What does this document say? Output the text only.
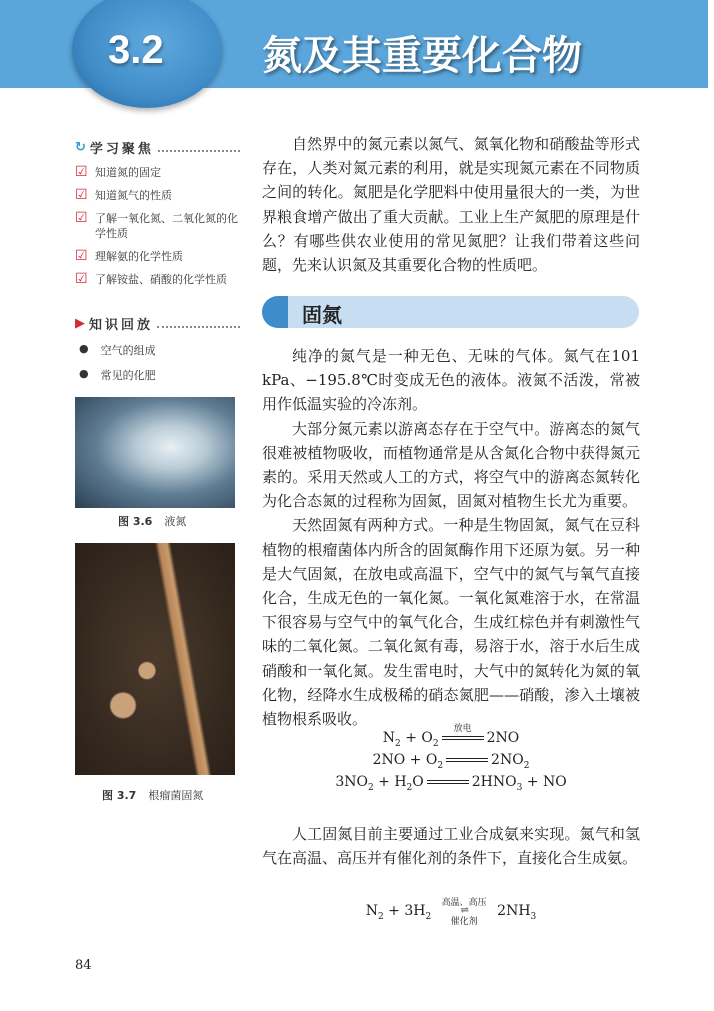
3.2 氮及其重要化合物
↻ 学习聚焦
☑ 知道氮的固定
☑ 知道氮气的性质
☑ 了解一氧化氮、二氧化氮的化学性质
☑ 理解氨的化学性质
☑ 了解铵盐、硝酸的化学性质
▶ 知识回放
● 空气的组成
● 常见的化肥
图 3.6 液氮
图 3.7 根瘤菌固氮

自然界中的氮元素以氮气、氮氧化物和硝酸盐等形式存在，人类对氮元素的利用，就是实现氮元素在不同物质之间的转化。氮肥是化学肥料中使用量很大的一类，为世界粮食增产做出了重大贡献。工业上生产氮肥的原理是什么？有哪些供农业使用的常见氮肥？让我们带着这些问题，先来认识氮及其重要化合物的性质吧。

固氮

纯净的氮气是一种无色、无味的气体。氮气在101 kPa、−195.8℃时变成无色的液体。液氮不活泼，常被用作低温实验的冷冻剂。

大部分氮元素以游离态存在于空气中。游离态的氮气很难被植物吸收，而植物通常是从含氮化合物中获得氮元素的。采用天然或人工的方式，将空气中的游离态氮转化为化合态氮的过程称为固氮，固氮对植物生长尤为重要。

天然固氮有两种方式。一种是生物固氮，氮气在豆科植物的根瘤菌体内所含的固氮酶作用下还原为氨。另一种是大气固氮，在放电或高温下，空气中的氮气与氧气直接化合，生成无色的一氧化氮。一氧化氮难溶于水，在常温下很容易与空气中的氧气化合，生成红棕色并有刺激性气味的二氧化氮。二氧化氮有毒，易溶于水，溶于水后生成硝酸和一氧化氮。发生雷电时，大气中的氮转化为氮的氧化物，经降水生成极稀的硝态氮肥——硝酸，渗入土壤被植物根系吸收。

$N_2 + O_2$
放电
2NO
$2NO + O_2$	$2NO_2$
$3NO_2 + H_2O$	$2HNO_3$ + NO

人工固氮目前主要通过工业合成氨来实现。氮气和氢气在高温、高压并有催化剂的条件下，直接化合生成氨。

$N_2 + 3H_2$
高温、高压
⇌
催化剂
$2NH_3$
84
